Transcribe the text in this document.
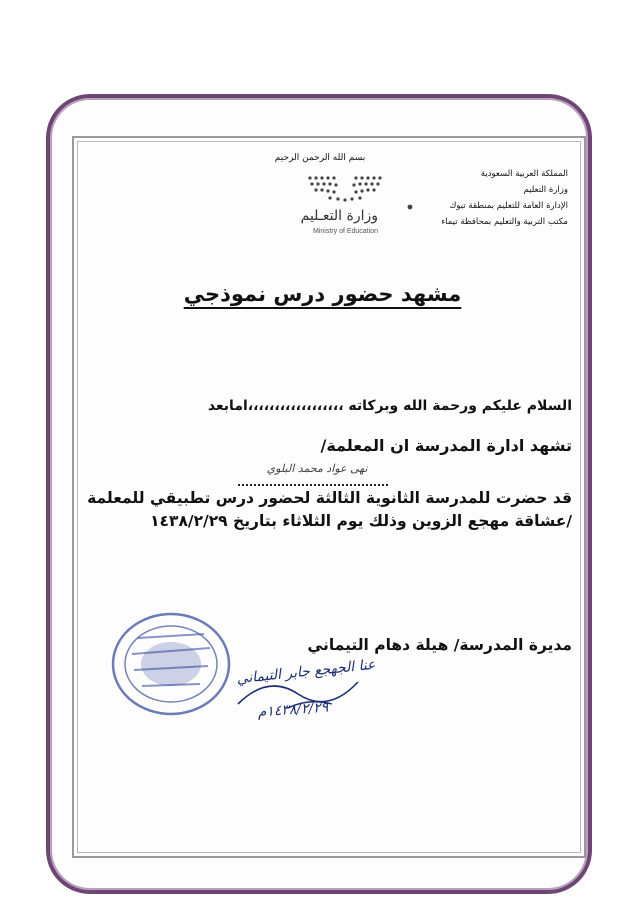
بسم الله الرحمن الرحيم
المملكة العربية السعودية
وزارة التعليم
الإدارة العامة للتعليم بمنطقة تبوك
مكتب التربية والتعليم بمحافظة تيماء
وزارة التعـليم
Ministry of Education
مشهد حضور درس نموذجي
السلام عليكم ورحمة الله وبركاته ،،،،،،،،،،،،،،،،،،امابعد
تشهد ادارة المدرسة ان المعلمة/
نهى عواد محمد البلوي
قد حضرت للمدرسة الثانوية الثالثة لحضور درس تطبيقي للمعلمة
/عشاقة مهجع الزوين وذلك يوم الثلاثاء بتاريخ ١٤٣٨/٢/٢٩
مديرة المدرسة/ هيلة دهام التيماني
عنا الجهجع جابر التيماني
١٤٣٨/٢/٢٩م
